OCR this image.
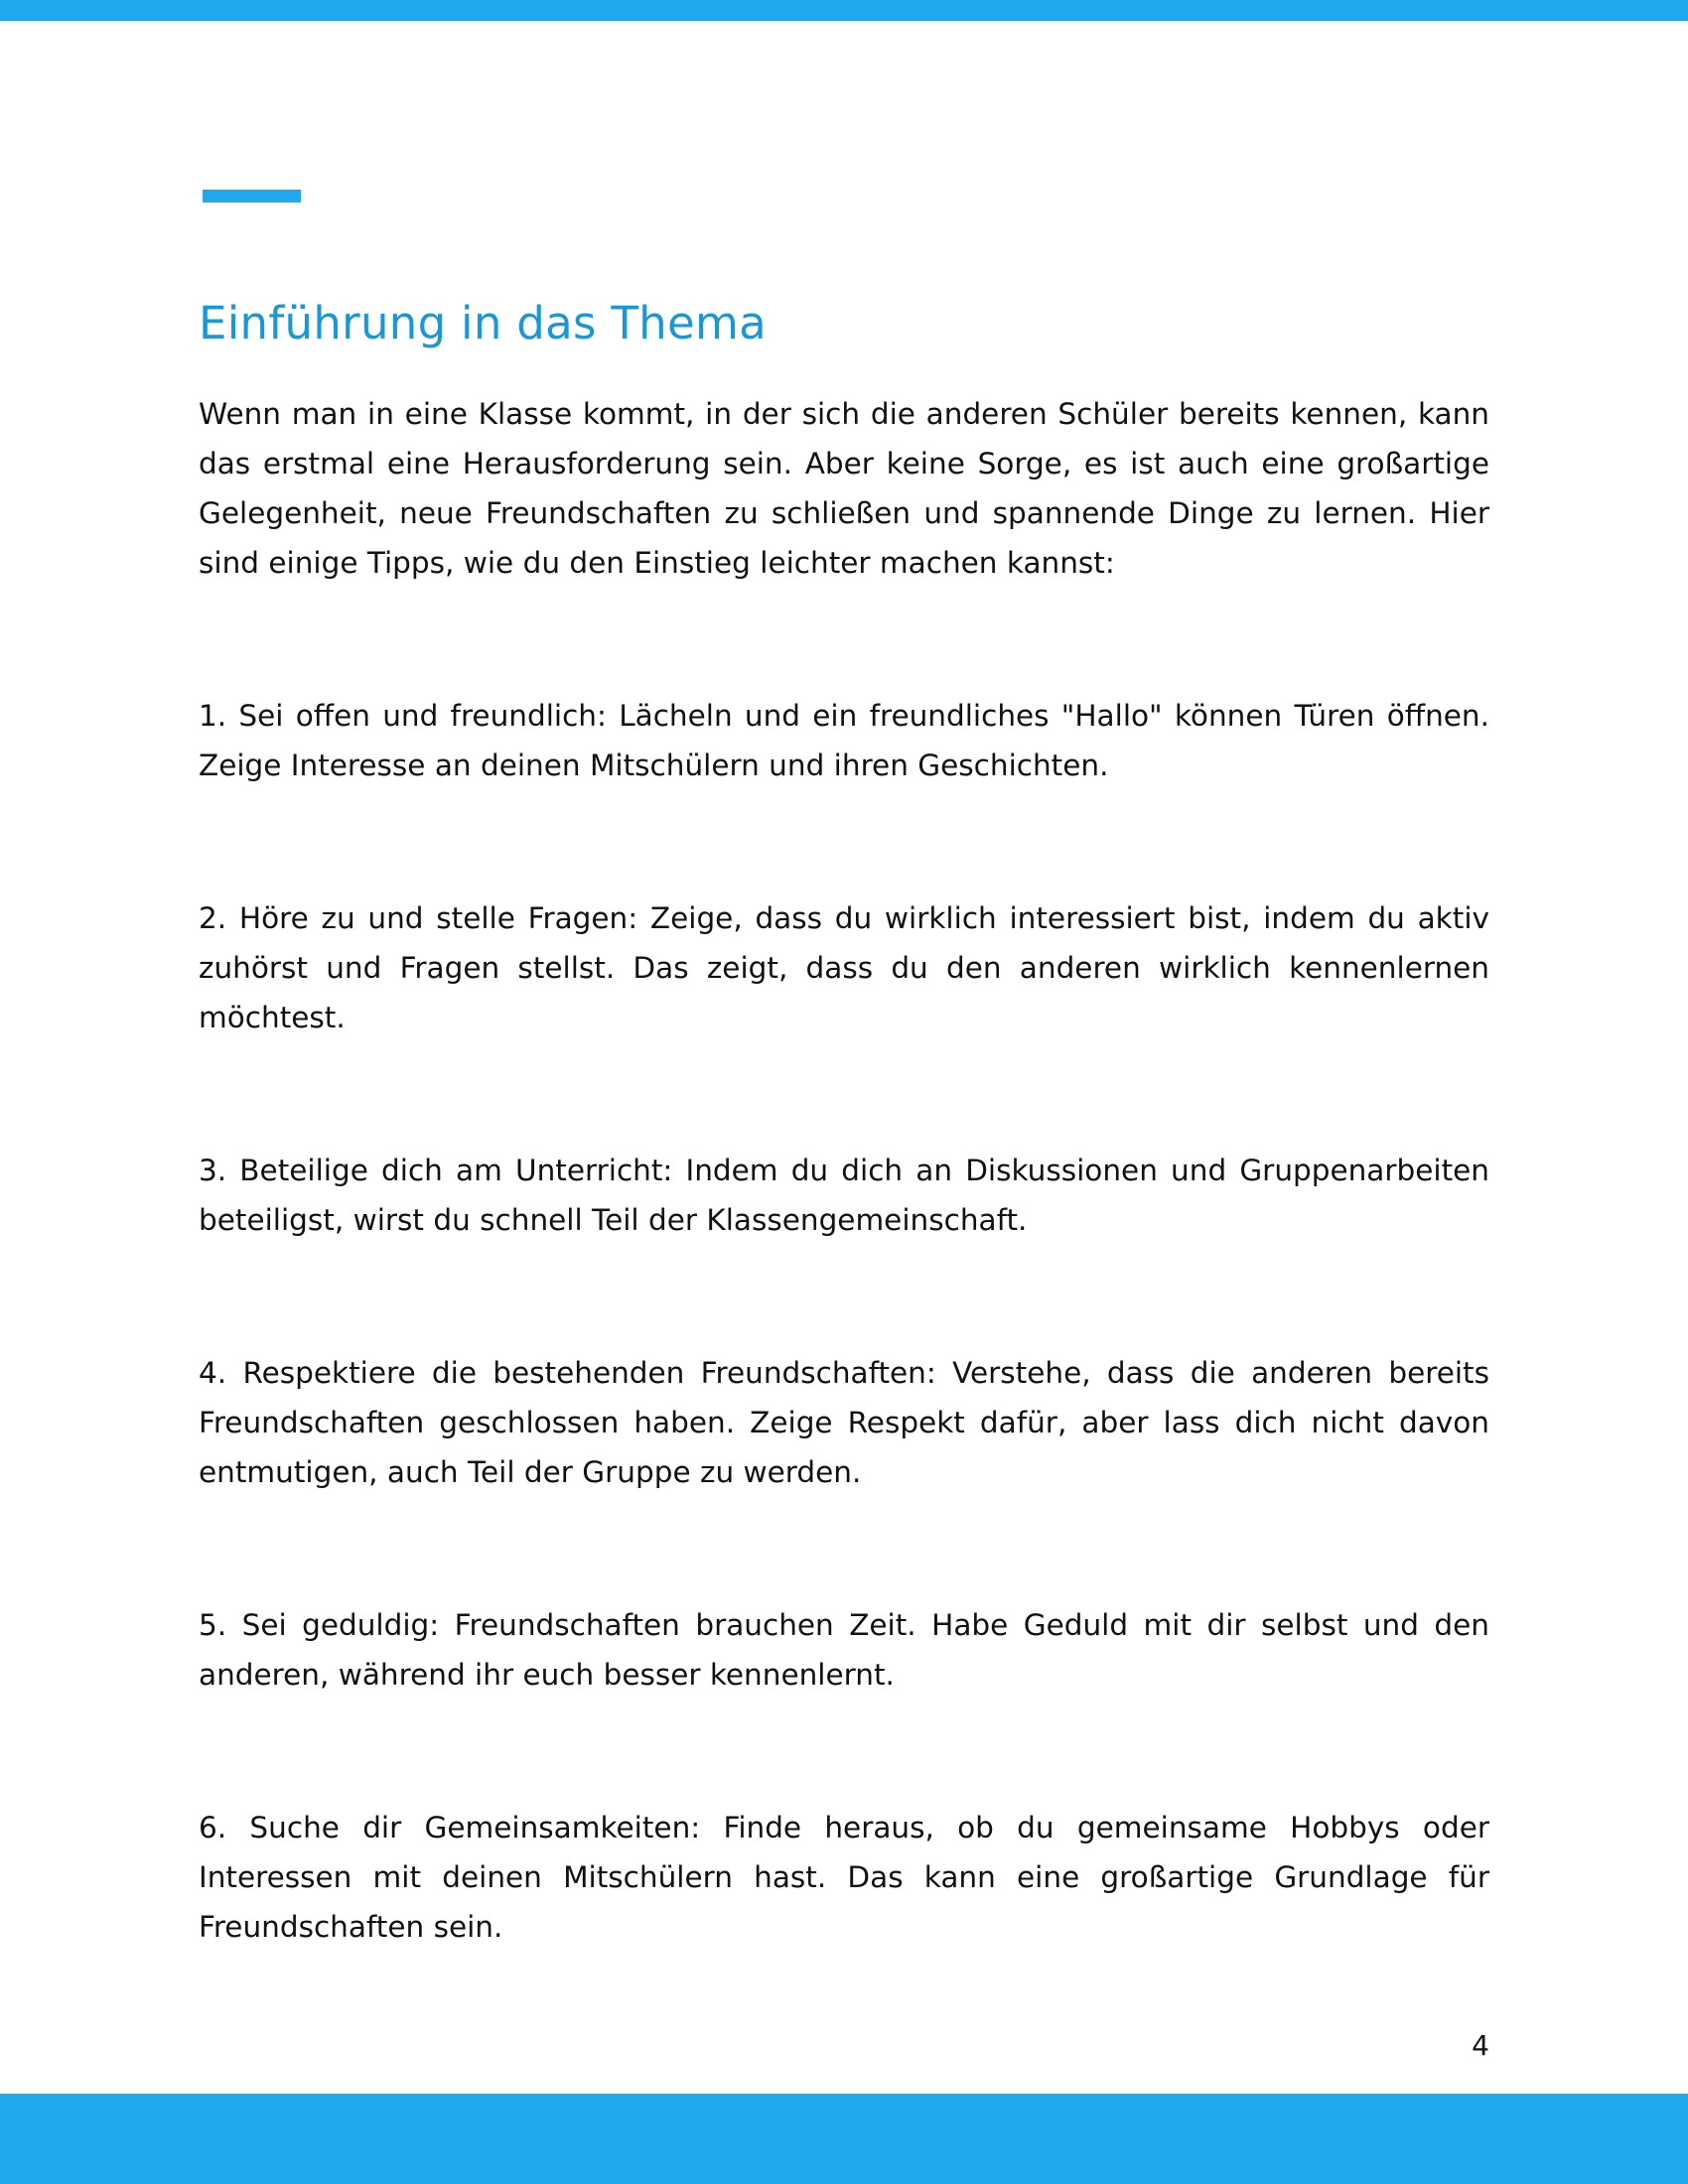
Einführung in das Thema

Wenn man in eine Klasse kommt, in der sich die anderen Schüler bereits kennen, kann das erstmal eine Herausforderung sein. Aber keine Sorge, es ist auch eine großartige Gelegenheit, neue Freundschaften zu schließen und spannende Dinge zu lernen. Hier sind einige Tipps, wie du den Einstieg leichter machen kannst:

1. Sei offen und freundlich: Lächeln und ein freundliches "Hallo" können Türen öffnen. Zeige Interesse an deinen Mitschülern und ihren Geschichten.

2. Höre zu und stelle Fragen: Zeige, dass du wirklich interessiert bist, indem du aktiv zuhörst und Fragen stellst. Das zeigt, dass du den anderen wirklich kennenlernen möchtest.

3. Beteilige dich am Unterricht: Indem du dich an Diskussionen und Gruppenarbeiten beteiligst, wirst du schnell Teil der Klassengemeinschaft.

4. Respektiere die bestehenden Freundschaften: Verstehe, dass die anderen bereits Freundschaften geschlossen haben. Zeige Respekt dafür, aber lass dich nicht davon entmutigen, auch Teil der Gruppe zu werden.

5. Sei geduldig: Freundschaften brauchen Zeit. Habe Geduld mit dir selbst und den anderen, während ihr euch besser kennenlernt.

6. Suche dir Gemeinsamkeiten: Finde heraus, ob du gemeinsame Hobbys oder Interessen mit deinen Mitschülern hast. Das kann eine großartige Grundlage für Freundschaften sein.

4
